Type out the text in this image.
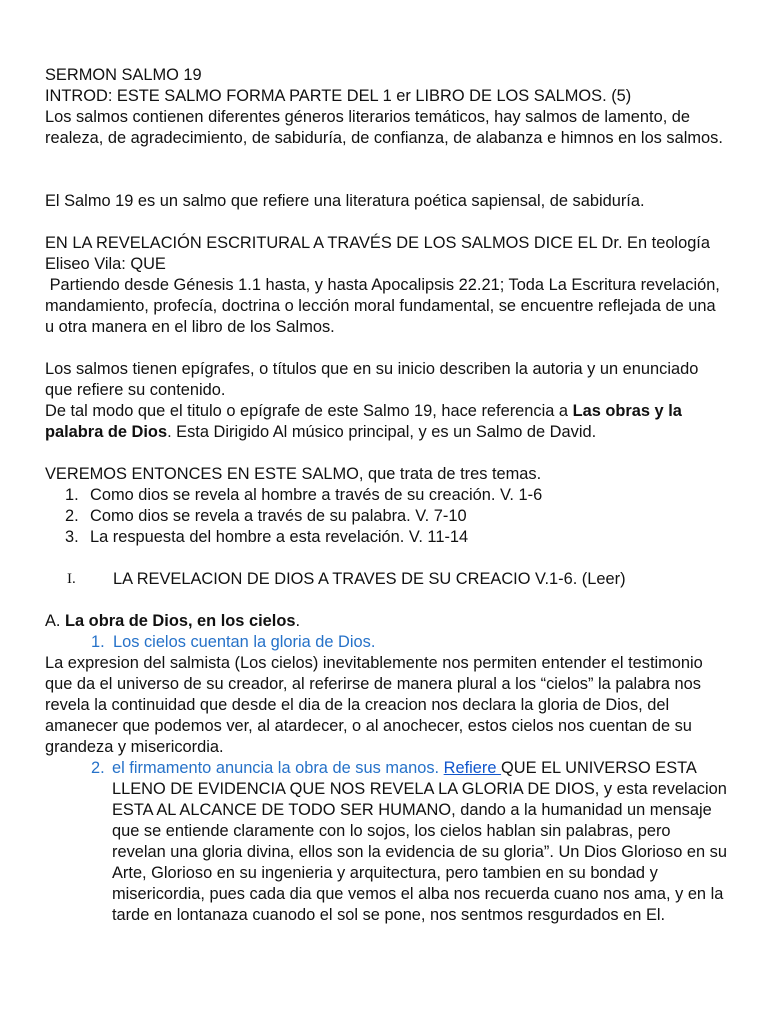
SERMON SALMO 19

INTROD: ESTE SALMO FORMA PARTE DEL 1 er LIBRO DE LOS SALMOS. (5)

Los salmos contienen diferentes géneros literarios temáticos, hay salmos de lamento, de realeza, de agradecimiento, de sabiduría, de confianza, de alabanza e himnos en los salmos.

El Salmo 19 es un salmo que refiere una literatura poética sapiensal, de sabiduría.

EN LA REVELACIÓN ESCRITURAL A TRAVÉS DE LOS SALMOS DICE EL Dr. En teología Eliseo Vila: QUE

Partiendo desde Génesis 1.1 hasta, y hasta Apocalipsis 22.21; Toda La Escritura revelación, mandamiento, profecía, doctrina o lección moral fundamental, se encuentre reflejada de una u otra manera en el libro de los Salmos.

Los salmos tienen epígrafes, o títulos que en su inicio describen la autoria y un enunciado que refiere su contenido.

De tal modo que el titulo o epígrafe de este Salmo 19, hace referencia a Las obras y la palabra de Dios. Esta Dirigido Al músico principal, y es un Salmo de David.

VEREMOS ENTONCES EN ESTE SALMO, que trata de tres temas.

1. Como dios se revela al hombre a través de su creación. V. 1-6
2. Como dios se revela a través de su palabra. V. 7-10
3. La respuesta del hombre a esta revelación. V. 11-14

I. LA REVELACION DE DIOS A TRAVES DE SU CREACIO V.1-6. (Leer)

A. La obra de Dios, en los cielos.

1. Los cielos cuentan la gloria de Dios.

La expresion del salmista (Los cielos) inevitablemente nos permiten entender el testimonio que da el universo de su creador, al referirse de manera plural a los “cielos” la palabra nos revela la continuidad que desde el dia de la creacion nos declara la gloria de Dios, del amanecer que podemos ver, al atardecer, o al anochecer, estos cielos nos cuentan de su grandeza y misericordia.

2. el firmamento anuncia la obra de sus manos. Refiere QUE EL UNIVERSO ESTA LLENO DE EVIDENCIA QUE NOS REVELA LA GLORIA DE DIOS, y esta revelacion ESTA AL ALCANCE DE TODO SER HUMANO, dando a la humanidad un mensaje que se entiende claramente con lo sojos, los cielos hablan sin palabras, pero revelan una gloria divina, ellos son la evidencia de su gloria”. Un Dios Glorioso en su Arte, Glorioso en su ingenieria y arquitectura, pero tambien en su bondad y misericordia, pues cada dia que vemos el alba nos recuerda cuano nos ama, y en la tarde en lontanaza cuanodo el sol se pone, nos sentmos resgurdados en El.
